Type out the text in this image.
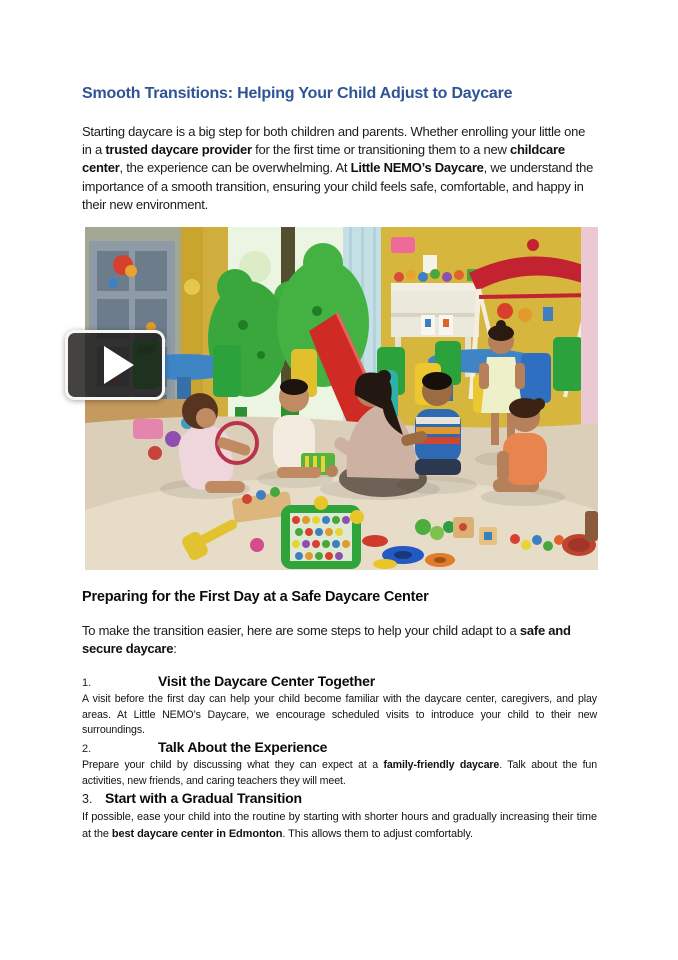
Smooth Transitions: Helping Your Child Adjust to Daycare

Starting daycare is a big step for both children and parents. Whether enrolling your little one in a trusted daycare provider for the first time or transitioning them to a new childcare center, the experience can be overwhelming. At Little NEMO’s Daycare, we understand the importance of a smooth transition, ensuring your child feels safe, comfortable, and happy in their new environment.

Preparing for the First Day at a Safe Daycare Center

To make the transition easier, here are some steps to help your child adapt to a safe and secure daycare:

1.	Visit the Daycare Center Together

A visit before the first day can help your child become familiar with the daycare center, caregivers, and play areas. At Little NEMO’s Daycare, we encourage scheduled visits to introduce your child to their new surroundings.

2.	Talk About the Experience

Prepare your child by discussing what they can expect at a family-friendly daycare. Talk about the fun activities, new friends, and caring teachers they will meet.

3. Start with a Gradual Transition

If possible, ease your child into the routine by starting with shorter hours and gradually increasing their time at the best daycare center in Edmonton. This allows them to adjust comfortably.
